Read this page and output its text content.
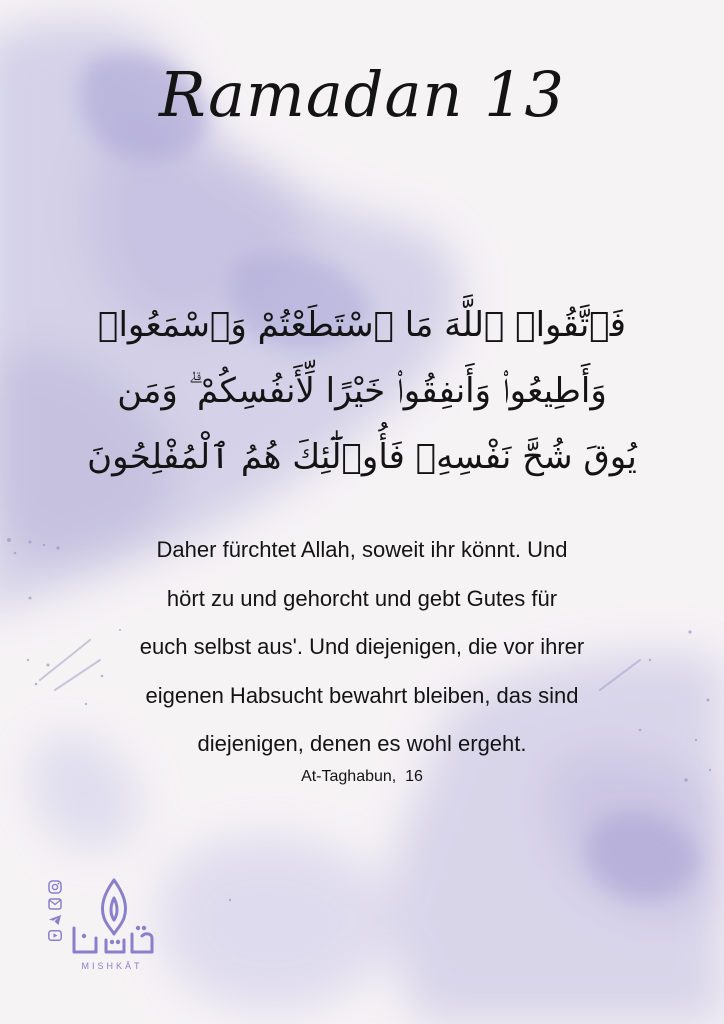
Ramadan 13
فَٱتَّقُوا۟ ٱللَّهَ مَا ٱسْتَطَعْتُمْ وَٱسْمَعُوا۟
وَأَطِيعُوا۟ وَأَنفِقُوا۟ خَيْرًا لِّأَنفُسِكُمْ ۗ وَمَن
يُوقَ شُحَّ نَفْسِهِۦ فَأُو۟لَٰٓئِكَ هُمُ ٱلْمُفْلِحُونَ
Daher fürchtet Allah, soweit ihr könnt. Und
hört zu und gehorcht und gebt Gutes für
euch selbst aus'. Und diejenigen, die vor ihrer
eigenen Habsucht bewahrt bleiben, das sind
diejenigen, denen es wohl ergeht.
At-Taghabun,  16
MISHKĀT
